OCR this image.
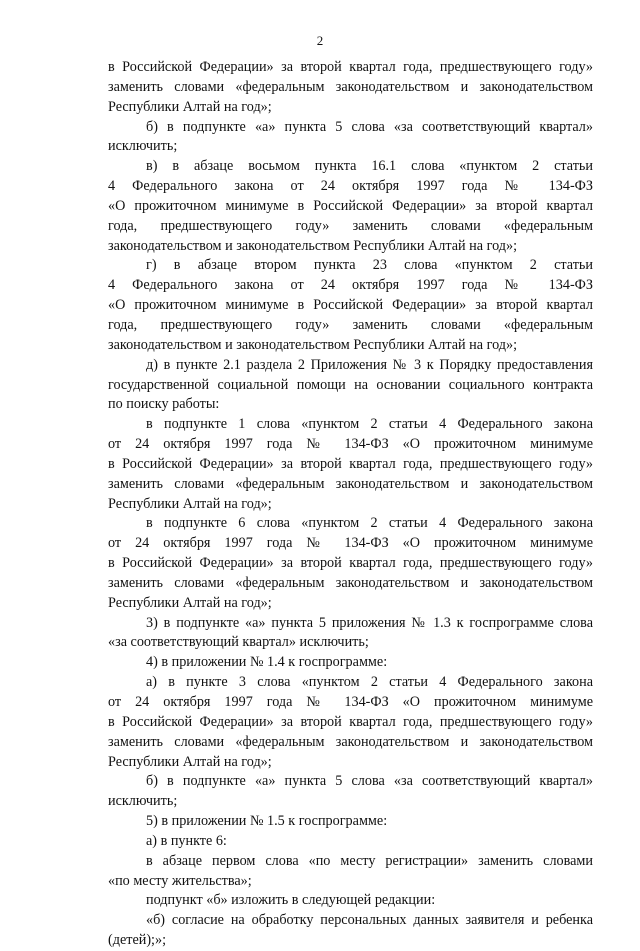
2
в Российской Федерации» за второй квартал года, предшествующего году»
заменить словами «федеральным законодательством и законодательством
Республики Алтай на год»;
б) в подпункте «а» пункта 5 слова «за соответствующий квартал»
исключить;
в) в абзаце восьмом пункта 16.1 слова «пунктом 2 статьи
4 Федерального закона от 24 октября 1997 года № 134-ФЗ
«О прожиточном минимуме в Российской Федерации» за второй квартал
года, предшествующего году» заменить словами «федеральным
законодательством и законодательством Республики Алтай на год»;
г) в абзаце втором пункта 23 слова «пунктом 2 статьи
4 Федерального закона от 24 октября 1997 года № 134-ФЗ
«О прожиточном минимуме в Российской Федерации» за второй квартал
года, предшествующего году» заменить словами «федеральным
законодательством и законодательством Республики Алтай на год»;
д) в пункте 2.1 раздела 2 Приложения № 3 к Порядку предоставления
государственной социальной помощи на основании социального контракта
по поиску работы:
в подпункте 1 слова «пунктом 2 статьи 4 Федерального закона
от 24 октября 1997 года № 134-ФЗ «О прожиточном минимуме
в Российской Федерации» за второй квартал года, предшествующего году»
заменить словами «федеральным законодательством и законодательством
Республики Алтай на год»;
в подпункте 6 слова «пунктом 2 статьи 4 Федерального закона
от 24 октября 1997 года № 134-ФЗ «О прожиточном минимуме
в Российской Федерации» за второй квартал года, предшествующего году»
заменить словами «федеральным законодательством и законодательством
Республики Алтай на год»;
3) в подпункте «а» пункта 5 приложения № 1.3 к госпрограмме слова
«за соответствующий квартал» исключить;
4) в приложении № 1.4 к госпрограмме:
а) в пункте 3 слова «пунктом 2 статьи 4 Федерального закона
от 24 октября 1997 года № 134-ФЗ «О прожиточном минимуме
в Российской Федерации» за второй квартал года, предшествующего году»
заменить словами «федеральным законодательством и законодательством
Республики Алтай на год»;
б) в подпункте «а» пункта 5 слова «за соответствующий квартал»
исключить;
5) в приложении № 1.5 к госпрограмме:
а) в пункте 6:
в абзаце первом слова «по месту регистрации» заменить словами
«по месту жительства»;
подпункт «б» изложить в следующей редакции:
«б) согласие на обработку персональных данных заявителя и ребенка
(детей);»;
